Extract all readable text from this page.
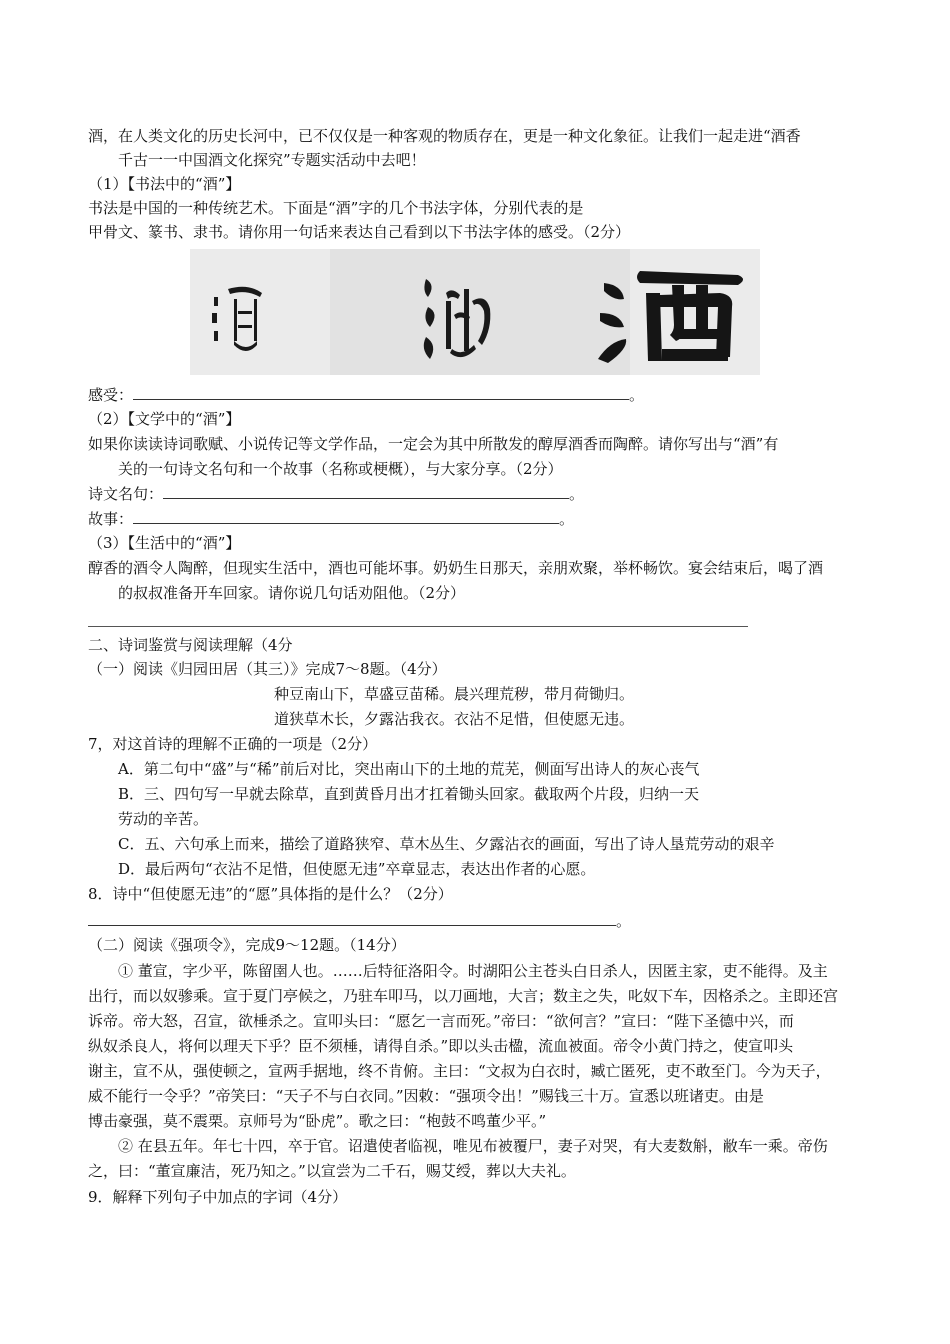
酒，在人类文化的历史长河中，已不仅仅是一种客观的物质存在，更是一种文化象征。让我们一起走进“酒香
千古一一中国酒文化探究”专题实活动中去吧！
（1）【书法中的“酒”】
书法是中国的一种传统艺术。下面是“酒”字的几个书法字体，分别代表的是
甲骨文、篆书、隶书。请你用一句话来表达自己看到以下书法字体的感受。（2分）
感受：	。
（2）【文学中的“酒”】
如果你读读诗词歌赋、小说传记等文学作品，一定会为其中所散发的醇厚酒香而陶醉。请你写出与“酒”有
关的一句诗文名句和一个故事（名称或梗概），与大家分享。（2分）
诗文名句：	。
故事：	。
（3）【生活中的“酒”】
醇香的酒令人陶醉，但现实生活中，酒也可能坏事。奶奶生日那天，亲朋欢聚，举杯畅饮。宴会结束后，喝了酒
的叔叔准备开车回家。请你说几句话劝阻他。（2分）
二、诗词鉴赏与阅读理解（4分
（一）阅读《归园田居（其三）》完成7～8题。（4分）
种豆南山下，草盛豆苗稀。晨兴理荒秽，带月荷锄归。
道狭草木长，夕露沾我衣。衣沾不足惜，但使愿无违。
7，对这首诗的理解不正确的一项是（2分）
A．第二句中“盛”与“稀”前后对比，突出南山下的土地的荒芜，侧面写出诗人的灰心丧气
B．三、四句写一早就去除草，直到黄昏月出才扛着锄头回家。截取两个片段，归纳一天
劳动的辛苦。
C．五、六句承上而来，描绘了道路狭窄、草木丛生、夕露沾衣的画面，写出了诗人垦荒劳动的艰辛
D．最后两句“衣沾不足惜，但使愿无违”卒章显志，表达出作者的心愿。
8．诗中“但使愿无违”的“愿”具体指的是什么？（2分）
。
（二）阅读《强项令》，完成9～12题。（14分）
① 董宣，字少平，陈留圉人也。……后特征洛阳令。时湖阳公主苍头白日杀人，因匿主家，吏不能得。及主
出行，而以奴骖乘。宣于夏门亭候之，乃驻车叩马，以刀画地，大言；数主之失，叱奴下车，因格杀之。主即还宫
诉帝。帝大怒，召宣，欲棰杀之。宣叩头曰：“愿乞一言而死。”帝曰：“欲何言？”宣曰：“陛下圣德中兴，而
纵奴杀良人，将何以理天下乎？臣不须棰，请得自杀。”即以头击楹，流血被面。帝令小黄门持之，使宣叩头
谢主，宣不从，强使顿之，宣两手据地，终不肯俯。主曰：“文叔为白衣时，臧亡匿死，吏不敢至门。今为天子，
威不能行一令乎？”帝笑曰：“天子不与白衣同。”因敕：“强项令出！”赐钱三十万。宣悉以班诸吏。由是
博击豪强，莫不震栗。京师号为“卧虎”。歌之曰：“枹鼓不鸣董少平。”
② 在县五年。年七十四，卒于官。诏遣使者临视，唯见布被覆尸，妻子对哭，有大麦数斛，敝车一乘。帝伤
之，曰：“董宣廉洁，死乃知之。”以宣尝为二千石，赐艾绶，葬以大夫礼。
9．解释下列句子中加点的字词（4分）
